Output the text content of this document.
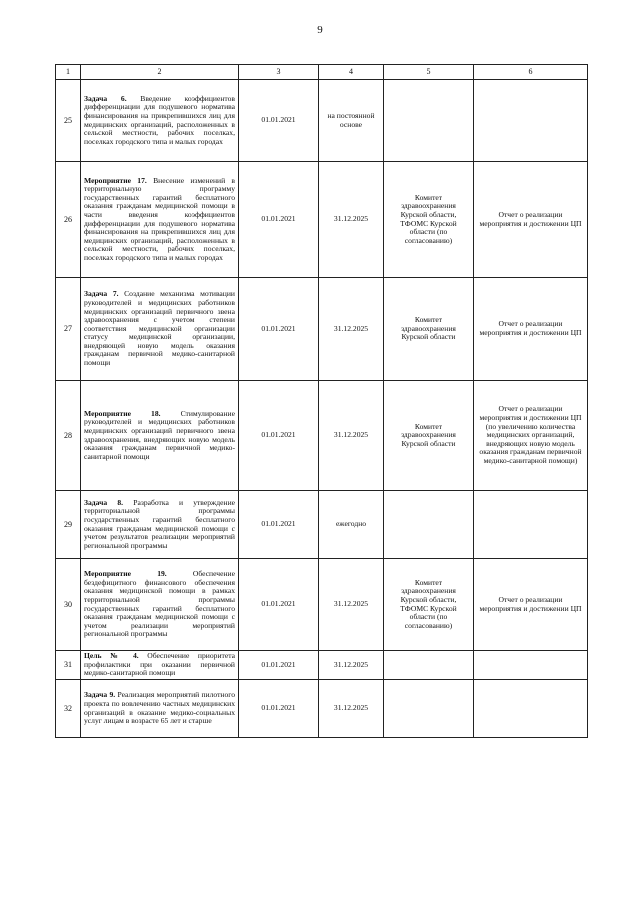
9
1	2	3	4	5	6
25	Задача 6. Введение коэффициентов дифференциации для подушевого норматива финансирования на прикрепившихся лиц для медицинских организаций, расположенных в сельской местности, рабочих поселках, поселках городского типа и малых городах	01.01.2021	на постоянной основе		
26	Мероприятие 17. Внесение изменений в территориальную программу государственных гарантий бесплатного оказания гражданам медицинской помощи в части введения коэффициентов дифференциации для подушевого норматива финансирования на прикрепившихся лиц для медицинских организаций, расположенных в сельской местности, рабочих поселках, поселках городского типа и малых городах	01.01.2021	31.12.2025	Комитет здравоохранения Курской области, ТФОМС Курской области (по согласованию)	Отчет о реализации мероприятия и достижении ЦП
27	Задача 7. Создание механизма мотивации руководителей и медицинских работников медицинских организаций первичного звена здравоохранения с учетом степени соответствия медицинской организации статусу медицинской организации, внедряющей новую модель оказания гражданам первичной медико-санитарной помощи	01.01.2021	31.12.2025	Комитет здравоохранения Курской области	Отчет о реализации мероприятия и достижении ЦП
28	Мероприятие 18. Стимулирование руководителей и медицинских работников медицинских организаций первичного звена здравоохранения, внедряющих новую модель оказания гражданам первичной медико-санитарной помощи	01.01.2021	31.12.2025	Комитет здравоохранения Курской области	Отчет о реализации мероприятия и достижении ЦП (по увеличению количества медицинских организаций, внедряющих новую модель оказания гражданам первичной медико-санитарной помощи)
29	Задача 8. Разработка и утверждение территориальной программы государственных гарантий бесплатного оказания гражданам медицинской помощи с учетом результатов реализации мероприятий региональной программы	01.01.2021	ежегодно		
30	Мероприятие 19. Обеспечение бездефицитного финансового обеспечения оказания медицинской помощи в рамках территориальной программы государственных гарантий бесплатного оказания гражданам медицинской помощи с учетом реализации мероприятий региональной программы	01.01.2021	31.12.2025	Комитет здравоохранения Курской области, ТФОМС Курской области (по согласованию)	Отчет о реализации мероприятия и достижении ЦП
31	Цель № 4. Обеспечение приоритета профилактики при оказании первичной медико-санитарной помощи	01.01.2021	31.12.2025		
32	Задача 9. Реализация мероприятий пилотного проекта по вовлечению частных медицинских организаций в оказание медико-социальных услуг лицам в возрасте 65 лет и старше	01.01.2021	31.12.2025		
